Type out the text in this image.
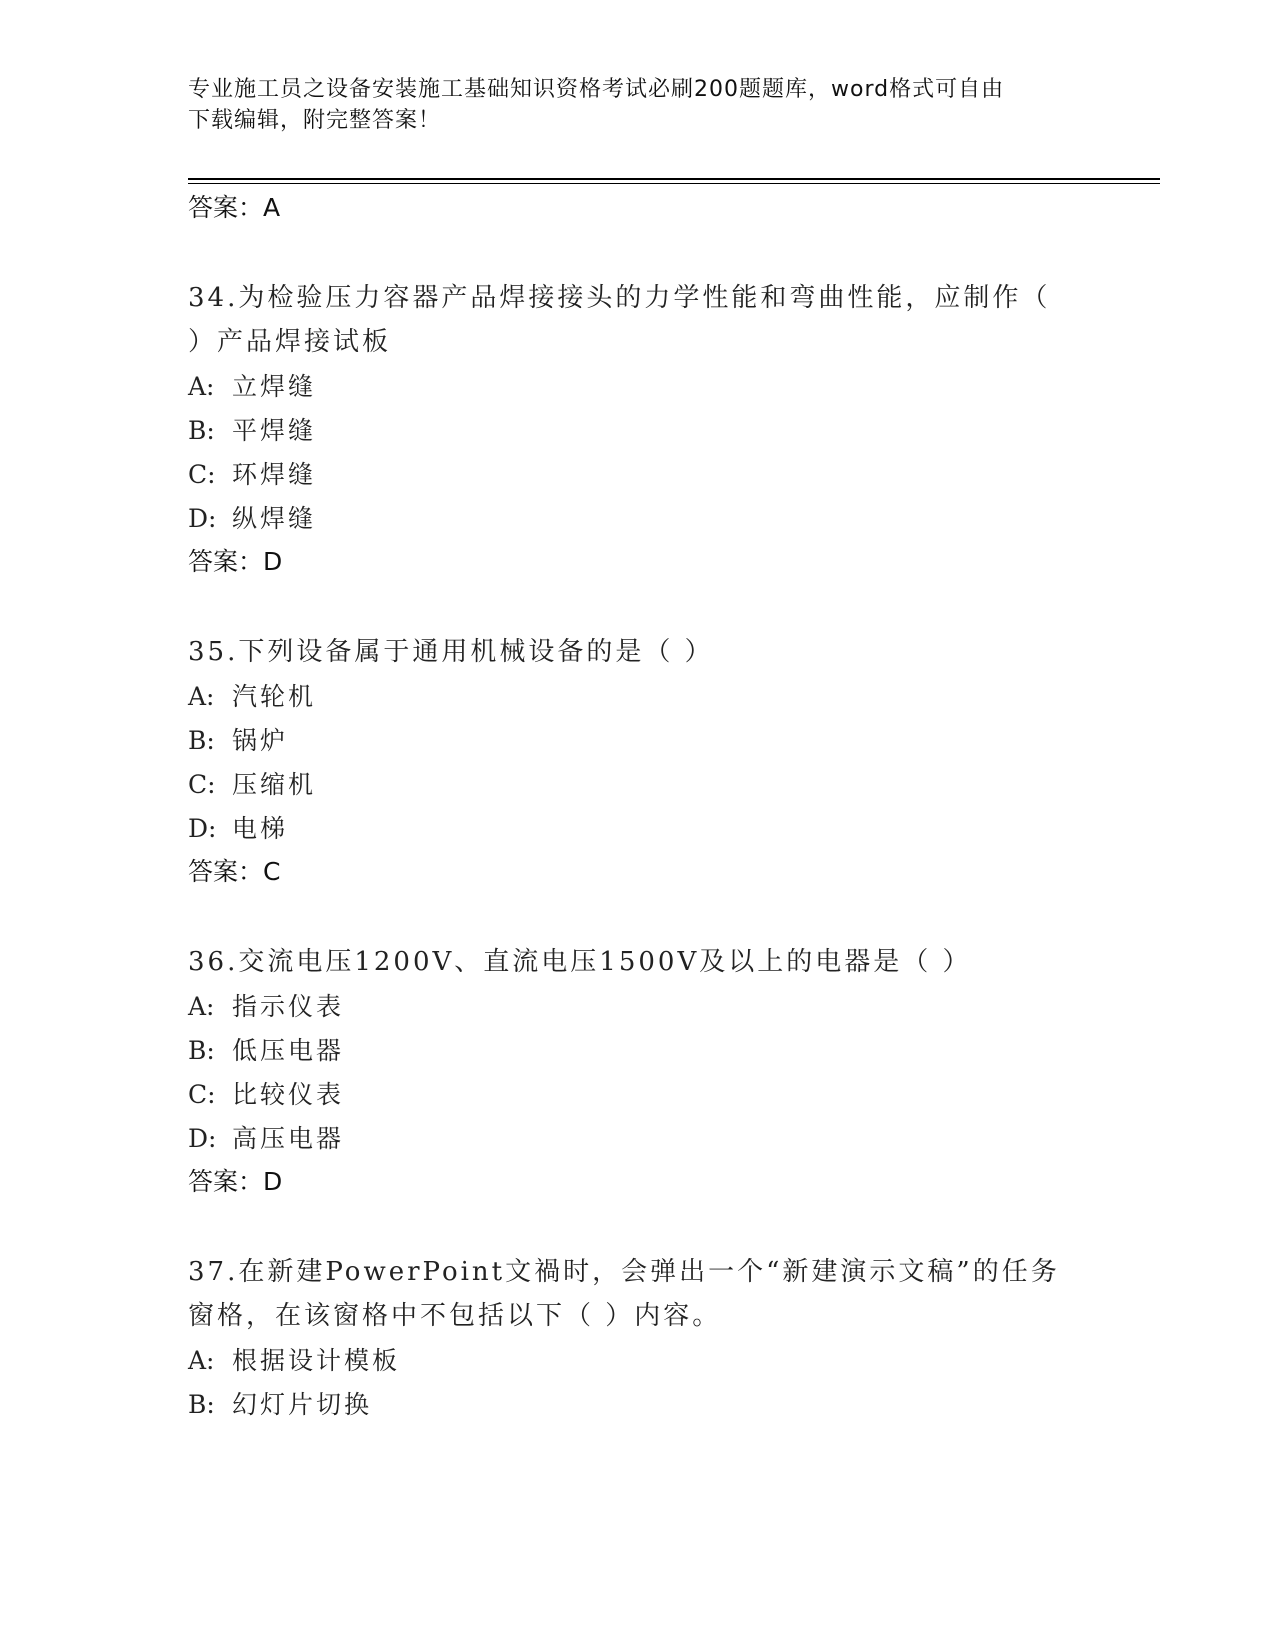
专业施工员之设备安装施工基础知识资格考试必刷200题题库，word格式可自由
下载编辑，附完整答案！
答案：A
34.为检验压力容器产品焊接接头的力学性能和弯曲性能，应制作（
）产品焊接试板
A: 立焊缝
B: 平焊缝
C: 环焊缝
D: 纵焊缝
答案：D
35.下列设备属于通用机械设备的是（ ）
A: 汽轮机
B: 锅炉
C: 压缩机
D: 电梯
答案：C
36.交流电压1200V、直流电压1500V及以上的电器是（ ）
A: 指示仪表
B: 低压电器
C: 比较仪表
D: 高压电器
答案：D
37.在新建PowerPoint文禍时，会弹出一个“新建演示文稿”的任务
窗格，在该窗格中不包括以下（ ）内容。
A: 根据设计模板
B: 幻灯片切换
